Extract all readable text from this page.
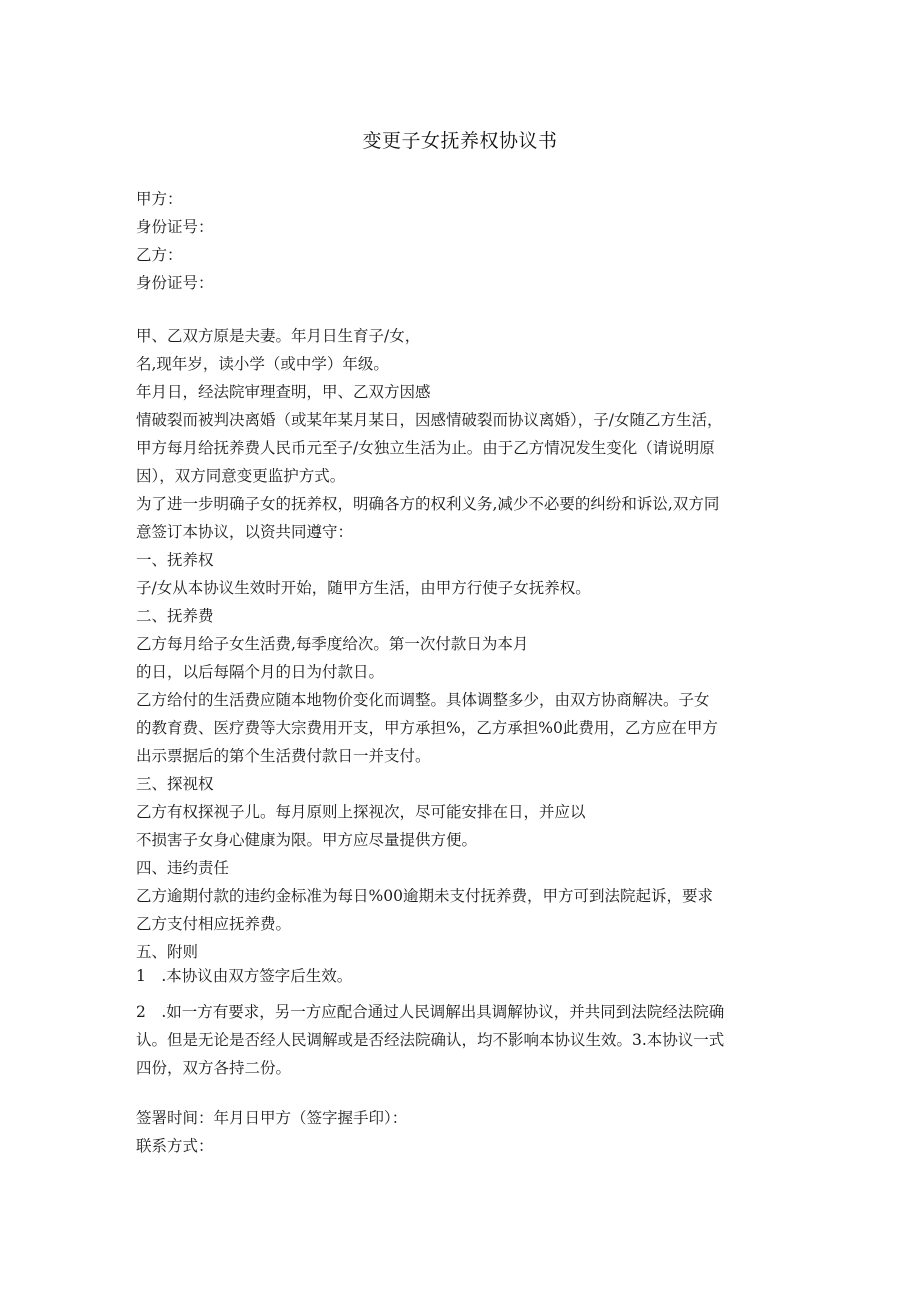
变更子女抚养权协议书
甲方：
身份证号：
乙方：
身份证号：
甲、乙双方原是夫妻。年月日生育子/女，
名,现年岁，读小学（或中学）年级。
年月日，经法院审理查明，甲、乙双方因感
情破裂而被判决离婚（或某年某月某日，因感情破裂而协议离婚），子/女随乙方生活，
甲方每月给抚养费人民币元至子/女独立生活为止。由于乙方情况发生变化（请说明原
因），双方同意变更监护方式。
为了进一步明确子女的抚养权，明确各方的权利义务,减少不必要的纠纷和诉讼,双方同
意签订本协议，以资共同遵守：
一、抚养权
子/女从本协议生效时开始，随甲方生活，由甲方行使子女抚养权。
二、抚养费
乙方每月给子女生活费,每季度给次。第一次付款日为本月
的日，以后每隔个月的日为付款日。
乙方给付的生活费应随本地物价变化而调整。具体调整多少，由双方协商解决。子女
的教育费、医疗费等大宗费用开支，甲方承担%，乙方承担%0此费用，乙方应在甲方
出示票据后的第个生活费付款日一并支付。
三、探视权
乙方有权探视子儿。每月原则上探视次，尽可能安排在日，并应以
不损害子女身心健康为限。甲方应尽量提供方便。
四、违约责任
乙方逾期付款的违约金标准为每日%00逾期未支付抚养费，甲方可到法院起诉，要求
乙方支付相应抚养费。
五、附则
1　.本协议由双方签字后生效。
2　.如一方有要求，另一方应配合通过人民调解出具调解协议，并共同到法院经法院确
认。但是无论是否经人民调解或是否经法院确认，均不影响本协议生效。3.本协议一式
四份，双方各持二份。
签署时间：年月日甲方（签字握手印）：
联系方式：
